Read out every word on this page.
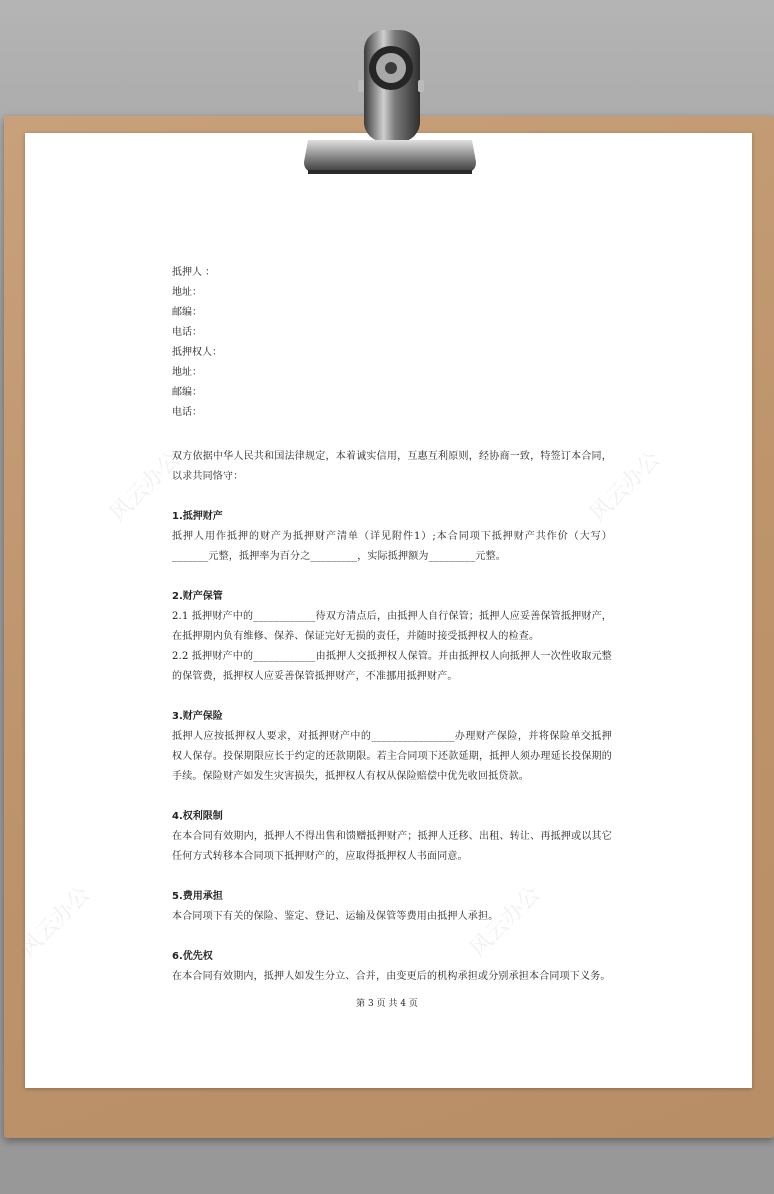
抵押人 ：

地址：

邮编：

电话：

抵押权人：

地址：

邮编：

电话：

双方依据中华人民共和国法律规定，本着诚实信用，互惠互利原则，经协商一致，特签订本合同，以求共同恪守：

1.抵押财产

抵押人用作抵押的财产为抵押财产清单（详见附件1）;本合同项下抵押财产共作价（大写）_______元整，抵押率为百分之_________，实际抵押额为_________元整。

2.财产保管

2.1 抵押财产中的____________待双方清点后，由抵押人自行保管；抵押人应妥善保管抵押财产，在抵押期内负有维修、保养、保证完好无损的责任，并随时接受抵押权人的检查。

2.2 抵押财产中的____________由抵押人交抵押权人保管。并由抵押权人向抵押人一次性收取元整的保管费，抵押权人应妥善保管抵押财产，不准挪用抵押财产。

3.财产保险

抵押人应按抵押权人要求，对抵押财产中的________________办理财产保险，并将保险单交抵押权人保存。投保期限应长于约定的还款期限。若主合同项下还款延期，抵押人须办理延长投保期的手续。保险财产如发生灾害损失，抵押权人有权从保险赔偿中优先收回抵贷款。

4.权利限制

在本合同有效期内，抵押人不得出售和馈赠抵押财产；抵押人迁移、出租、转让、再抵押或以其它任何方式转移本合同项下抵押财产的，应取得抵押权人书面同意。

5.费用承担

本合同项下有关的保险、鉴定、登记、运输及保管等费用由抵押人承担。

6.优先权

在本合同有效期内，抵押人如发生分立、合并，由变更后的机构承担或分别承担本合同项下义务。

第 3 页 共 4 页
